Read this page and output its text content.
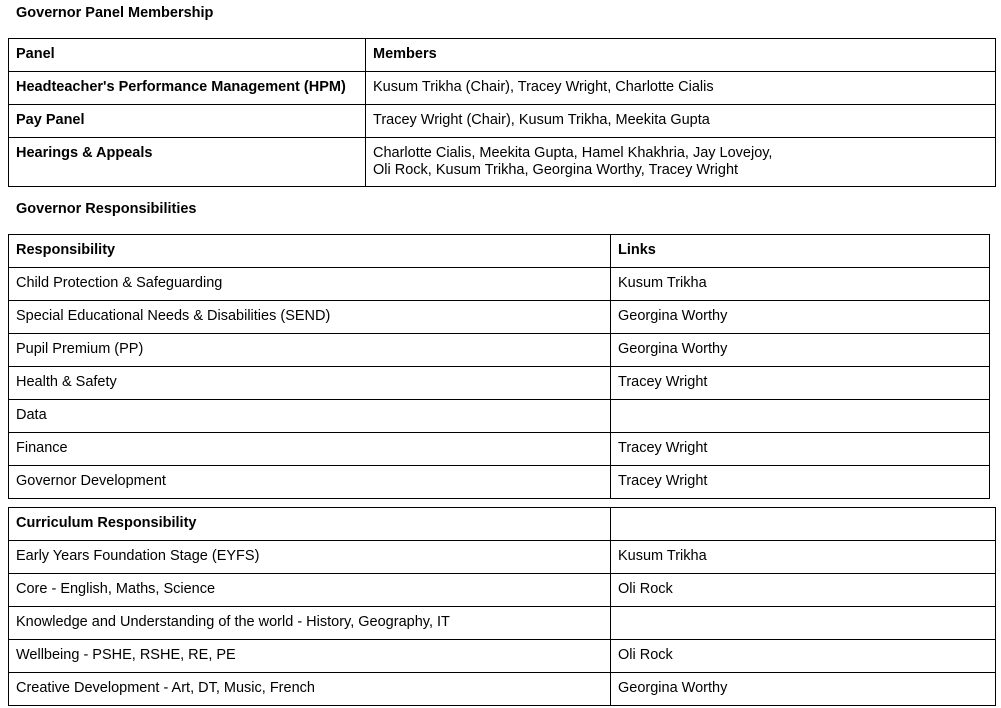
Governor Panel Membership
Panel	Members
Headteacher's Performance Management (HPM)	Kusum Trikha (Chair), Tracey Wright, Charlotte Cialis
Pay Panel	Tracey Wright (Chair), Kusum Trikha, Meekita Gupta
Hearings & Appeals	Charlotte Cialis, Meekita Gupta, Hamel Khakhria, Jay Lovejoy,
Oli Rock, Kusum Trikha, Georgina Worthy, Tracey Wright
Governor Responsibilities
Responsibility	Links
Child Protection & Safeguarding	Kusum Trikha
Special Educational Needs & Disabilities (SEND)	Georgina Worthy
Pupil Premium (PP)	Georgina Worthy
Health & Safety	Tracey Wright
Data	
Finance	Tracey Wright
Governor Development	Tracey Wright
Curriculum Responsibility	
Early Years Foundation Stage (EYFS)	Kusum Trikha
Core - English, Maths, Science	Oli Rock
Knowledge and Understanding of the world - History, Geography, IT	
Wellbeing - PSHE, RSHE, RE, PE	Oli Rock
Creative Development - Art, DT, Music, French	Georgina Worthy
